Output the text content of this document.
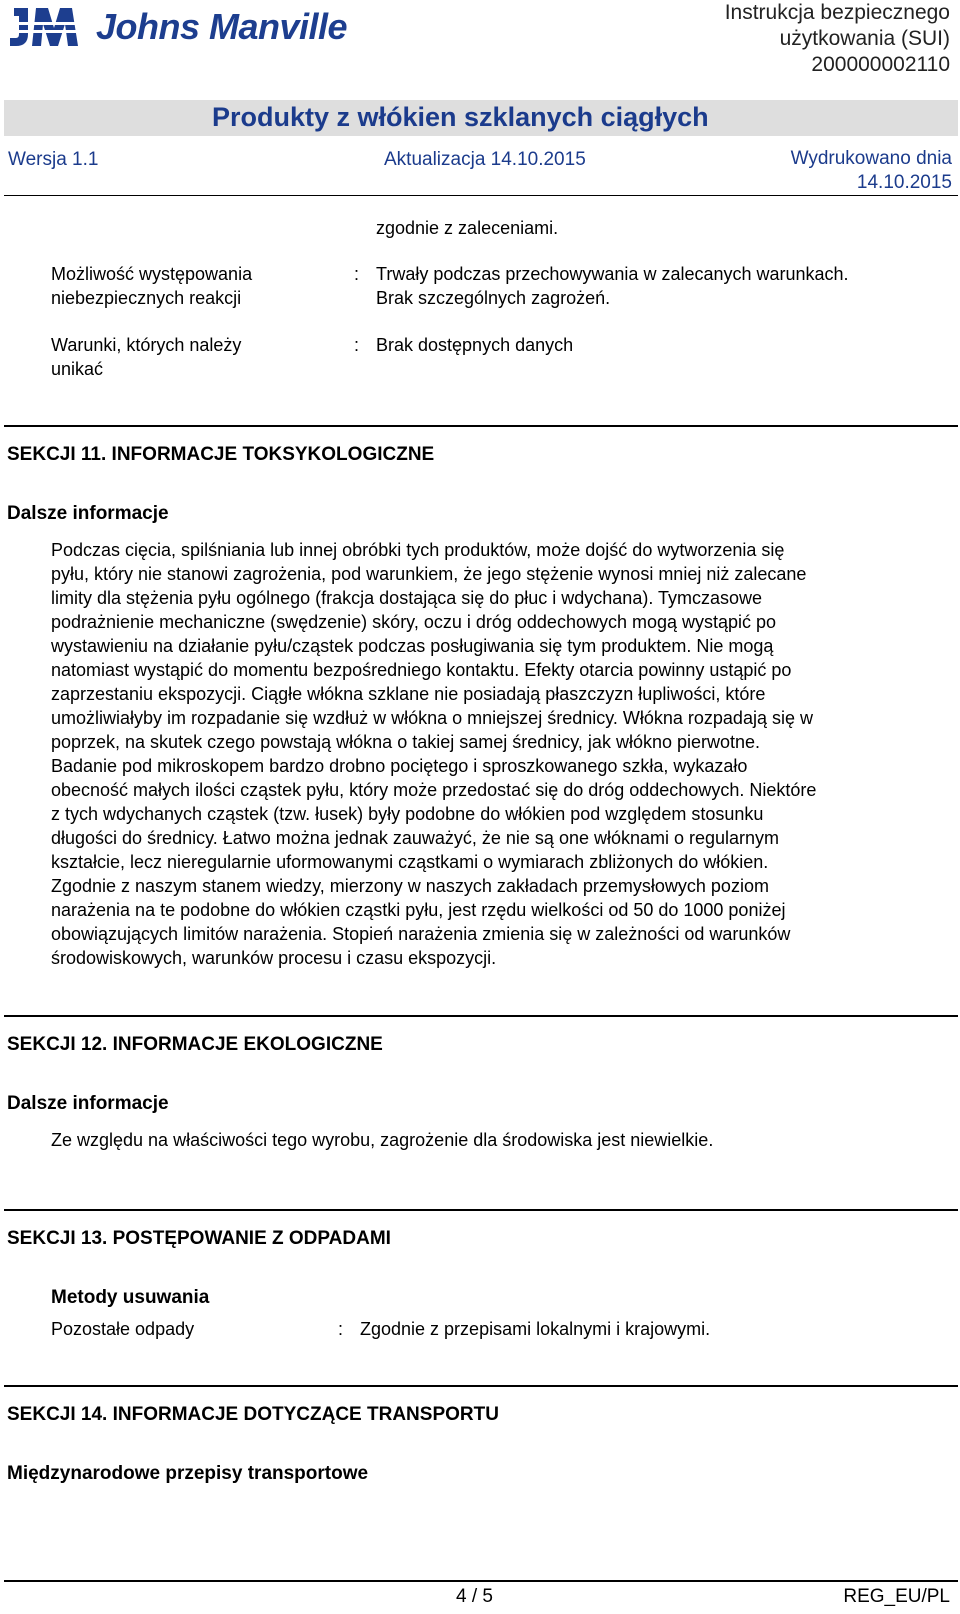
Johns Manville	Instrukcja bezpiecznego
użytkowania (SUI)
200000002110
Produkty z włókien szklanych ciągłych
Wersja 1.1	Aktualizacja 14.10.2015	Wydrukowano dnia
14.10.2015
zgodnie z zaleceniami.
Możliwość występowania
niebezpiecznych reakcji
: Trwały podczas przechowywania w zalecanych warunkach.
Brak szczególnych zagrożeń.
Warunki, których należy
unikać
: Brak dostępnych danych
SEKCJI 11. INFORMACJE TOKSYKOLOGICZNE
Dalsze informacje
Podczas cięcia, spilśniania lub innej obróbki tych produktów, może dojść do wytworzenia się
pyłu, który nie stanowi zagrożenia, pod warunkiem, że jego stężenie wynosi mniej niż zalecane
limity dla stężenia pyłu ogólnego (frakcja dostająca się do płuc i wdychana). Tymczasowe
podrażnienie mechaniczne (swędzenie) skóry, oczu i dróg oddechowych mogą wystąpić po
wystawieniu na działanie pyłu/cząstek podczas posługiwania się tym produktem. Nie mogą
natomiast wystąpić do momentu bezpośredniego kontaktu. Efekty otarcia powinny ustąpić po
zaprzestaniu ekspozycji. Ciągłe włókna szklane nie posiadają płaszczyzn łupliwości, które
umożliwiałyby im rozpadanie się wzdłuż w włókna o mniejszej średnicy. Włókna rozpadają się w
poprzek, na skutek czego powstają włókna o takiej samej średnicy, jak włókno pierwotne.
Badanie pod mikroskopem bardzo drobno pociętego i sproszkowanego szkła, wykazało
obecność małych ilości cząstek pyłu, który może przedostać się do dróg oddechowych. Niektóre
z tych wdychanych cząstek (tzw. łusek) były podobne do włókien pod względem stosunku
długości do średnicy. Łatwo można jednak zauważyć, że nie są one włóknami o regularnym
kształcie, lecz nieregularnie uformowanymi cząstkami o wymiarach zbliżonych do włókien.
Zgodnie z naszym stanem wiedzy, mierzony w naszych zakładach przemysłowych poziom
narażenia na te podobne do włókien cząstki pyłu, jest rzędu wielkości od 50 do 1000 poniżej
obowiązujących limitów narażenia. Stopień narażenia zmienia się w zależności od warunków
środowiskowych, warunków procesu i czasu ekspozycji.
SEKCJI 12. INFORMACJE EKOLOGICZNE
Dalsze informacje
Ze względu na właściwości tego wyrobu, zagrożenie dla środowiska jest niewielkie.
SEKCJI 13. POSTĘPOWANIE Z ODPADAMI
Metody usuwania
Pozostałe odpady	: Zgodnie z przepisami lokalnymi i krajowymi.
SEKCJI 14. INFORMACJE DOTYCZĄCE TRANSPORTU
Międzynarodowe przepisy transportowe
4 / 5	REG_EU/PL
